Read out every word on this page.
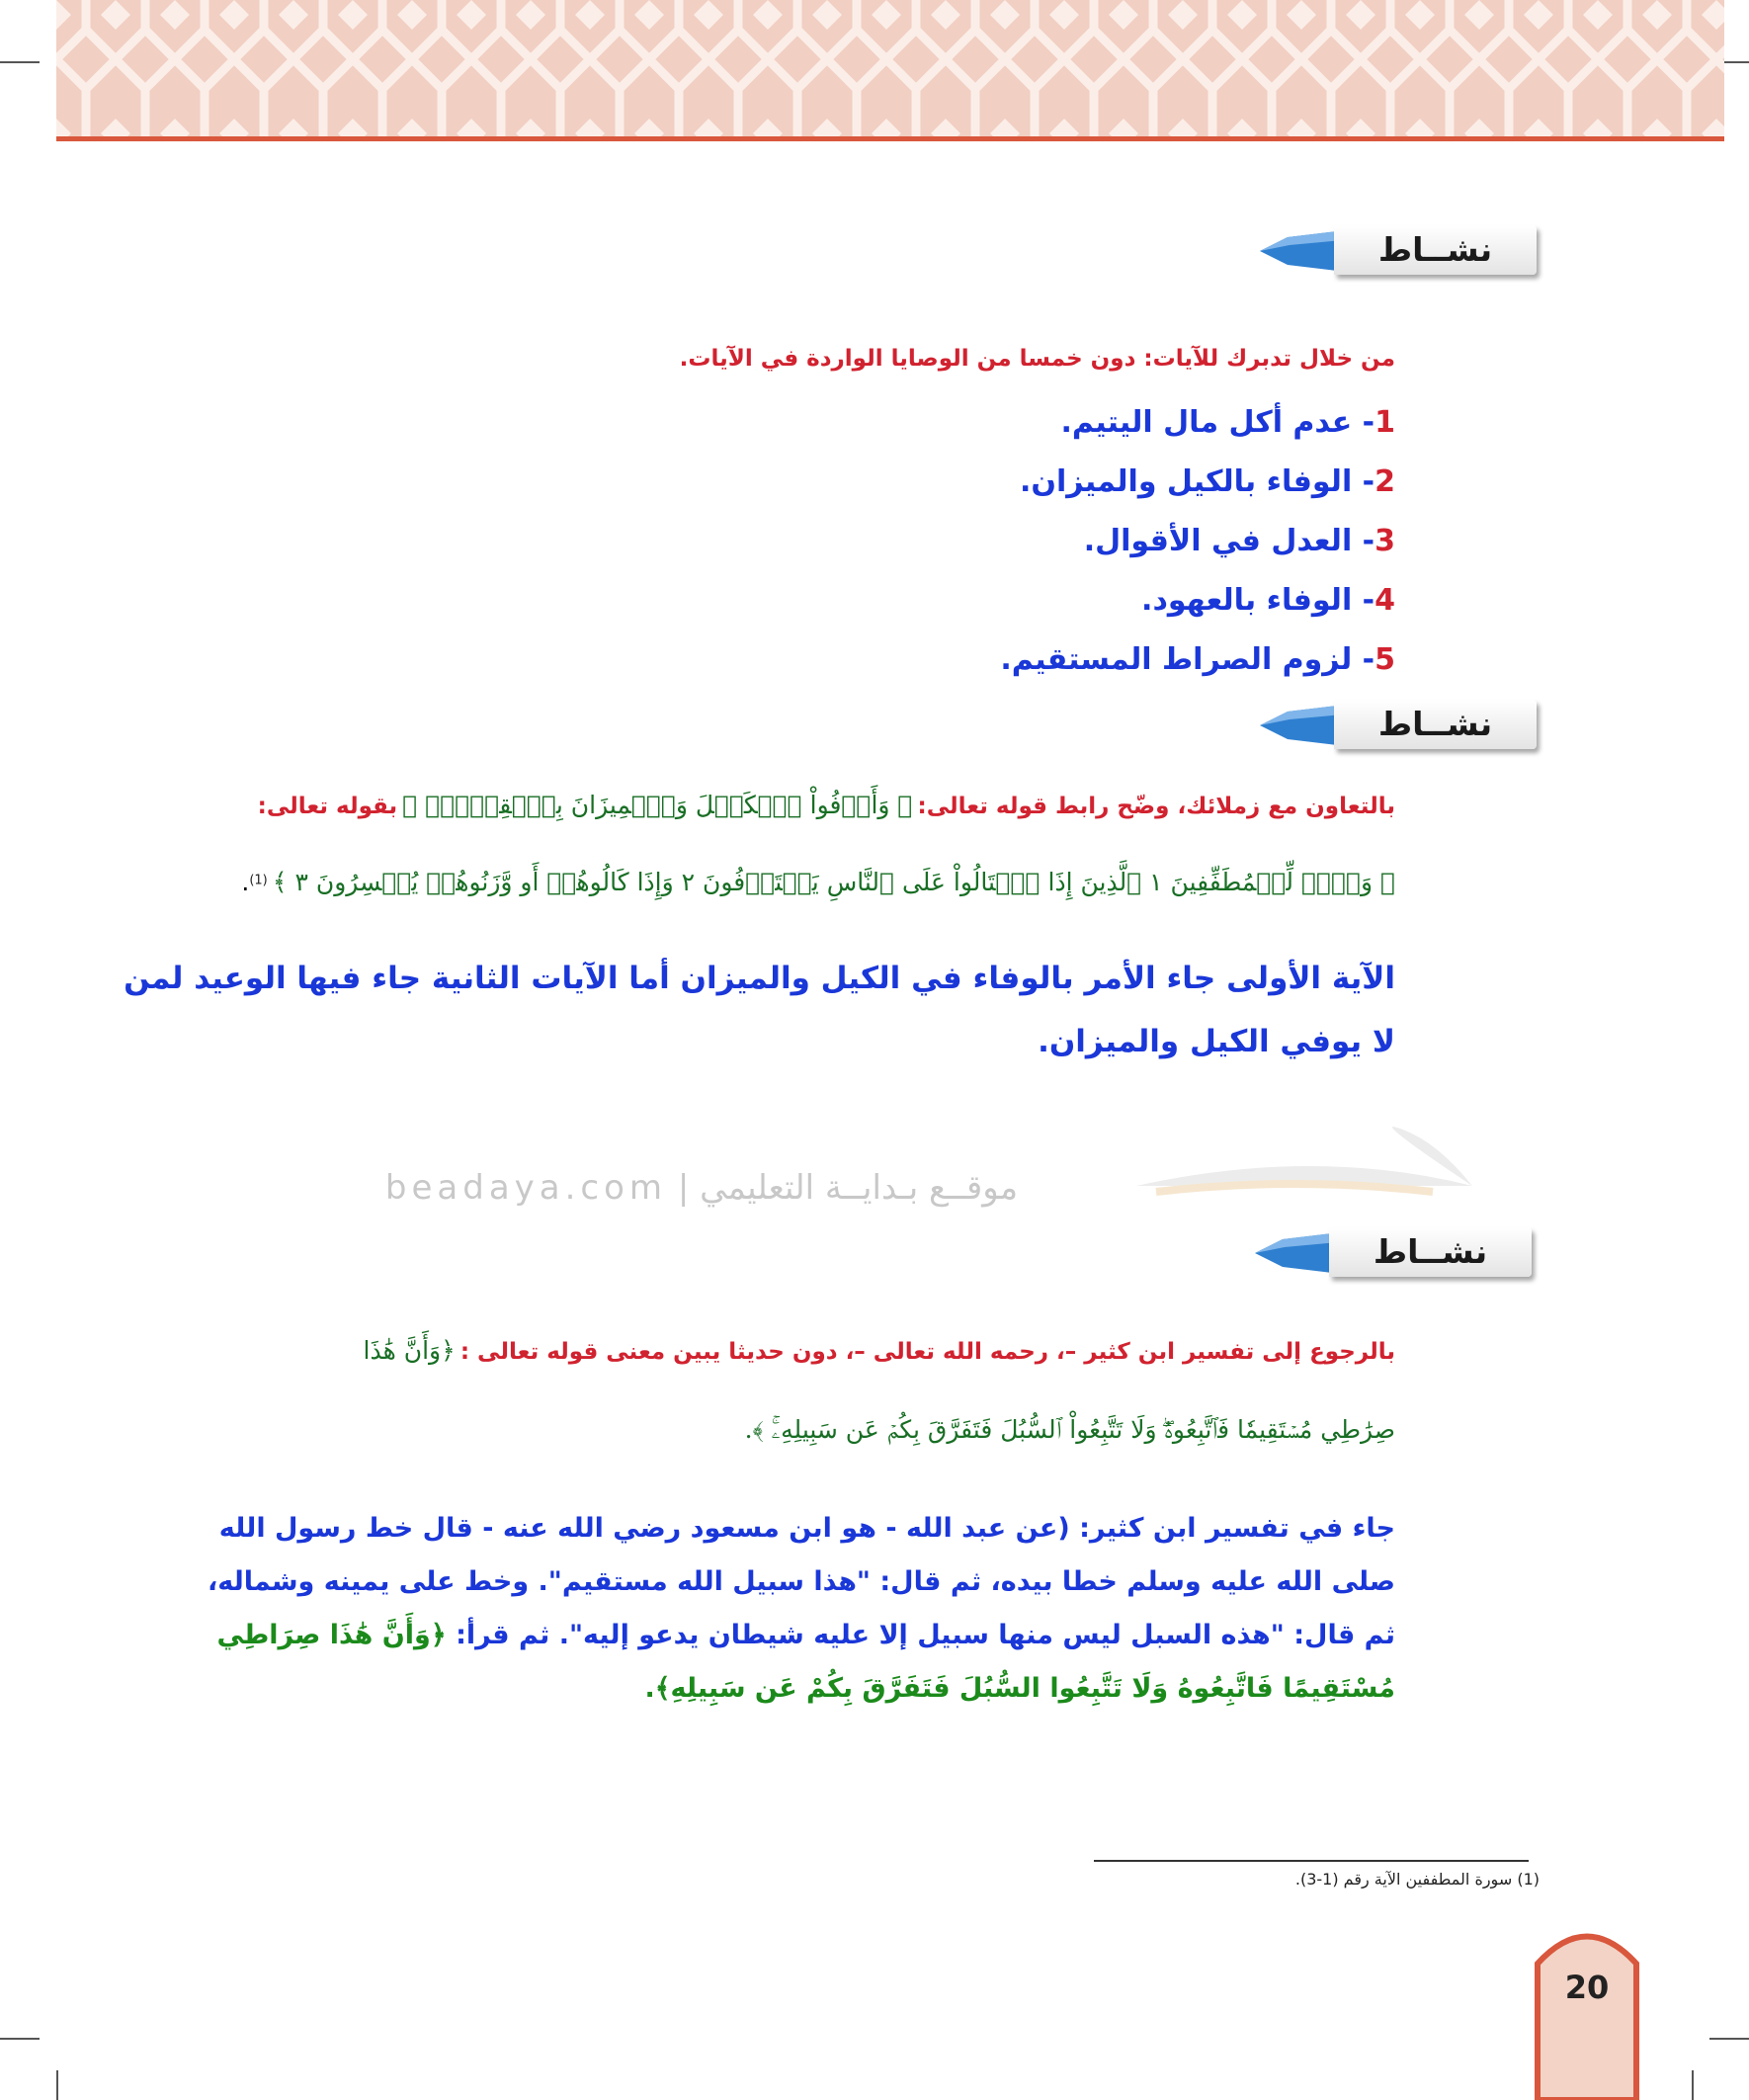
نشــاط
من خلال تدبرك للآيات: دون خمسا من الوصايا الواردة في الآيات.
1- عدم أكل مال اليتيم.
2- الوفاء بالكيل والميزان.
3- العدل في الأقوال.
4- الوفاء بالعهود.
5- لزوم الصراط المستقيم.
نشــاط
بالتعاون مع زملائك، وضّح رابط قوله تعالى: ﴿ وَأَوۡفُواْ ٱلۡكَيۡلَ وَٱلۡمِيزَانَ بِٱلۡقِسۡطِۖ ﴾ بقوله تعالى:
﴿ وَيۡلٞ لِّلۡمُطَفِّفِينَ ١ ٱلَّذِينَ إِذَا ٱكۡتَالُواْ عَلَى ٱلنَّاسِ يَسۡتَوۡفُونَ ٢ وَإِذَا كَالُوهُمۡ أَو وَّزَنُوهُمۡ يُخۡسِرُونَ ٣ ﴾ $^{(1)}$.
الآية الأولى جاء الأمر بالوفاء في الكيل والميزان أما الآيات الثانية جاء فيها الوعيد لمن لا يوفي الكيل والميزان.
موقــع بـدايــة التعليمي | beadaya.com
نشــاط
بالرجوع إلى تفسير ابن كثير –، رحمه الله تعالى –، دون حديثا يبين معنى قوله تعالى : ﴿وَأَنَّ هَٰذَا
صِرَٰطِي مُسۡتَقِيمٗا فَٱتَّبِعُوهُۖ وَلَا تَتَّبِعُواْ ٱلسُّبُلَ فَتَفَرَّقَ بِكُمۡ عَن سَبِيلِهِۦۚ ﴾.
جاء في تفسير ابن كثير: (عن عبد الله - هو ابن مسعود رضي الله عنه - قال خط رسول الله
صلى الله عليه وسلم خطا بيده، ثم قال: "هذا سبيل الله مستقيم". وخط على يمينه وشماله،
ثم قال: "هذه السبل ليس منها سبيل إلا عليه شيطان يدعو إليه". ثم قرأ: ﴿وَأَنَّ هَٰذَا صِرَاطِي
مُسْتَقِيمًا فَاتَّبِعُوهُ وَلَا تَتَّبِعُوا السُّبُلَ فَتَفَرَّقَ بِكُمْ عَن سَبِيلِهِ﴾.
(1) سورة المطففين الآية رقم (1-3).
20
